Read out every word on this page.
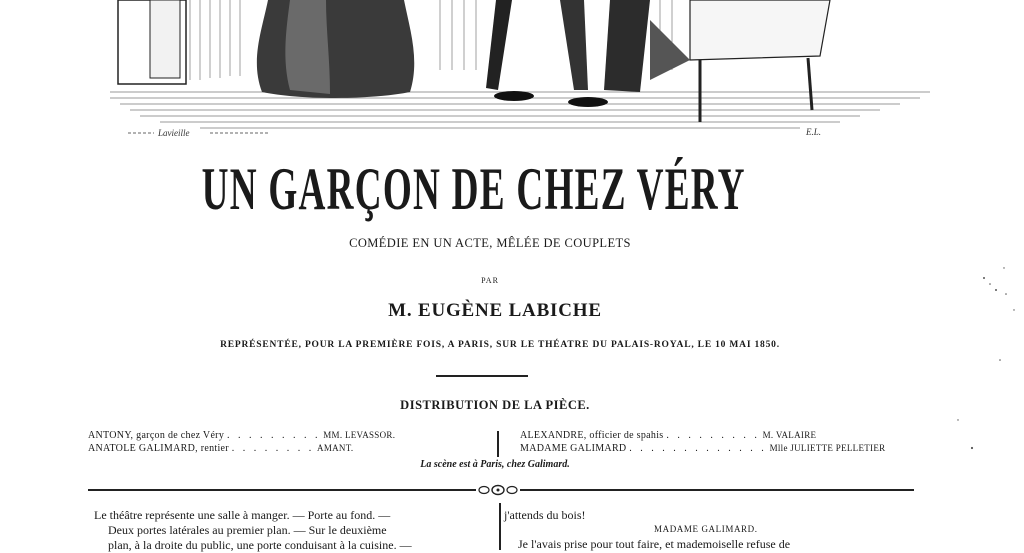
Lavieille	E.L.
UN GARÇON DE CHEZ VÉRY
COMÉDIE EN UN ACTE, MÊLÉE DE COUPLETS
PAR
M. EUGÈNE LABICHE
REPRÉSENTÉE, POUR LA PREMIÈRE FOIS, A PARIS, SUR LE THÉATRE DU PALAIS-ROYAL, LE 10 MAI 1850.
DISTRIBUTION DE LA PIÈCE.
ANTONY, garçon de chez Véry . . . . . . . . . MM. LEVASSOR.
ANATOLE GALIMARD, rentier . . . . . . . . AMANT.
ALEXANDRE, officier de spahis . . . . . . . . . M. VALAIRE
MADAME GALIMARD . . . . . . . . . . . . . Mlle JULIETTE PELLETIER
La scène est à Paris, chez Galimard.
Le théâtre représente une salle à manger. — Porte au fond. —
Deux portes latérales au premier plan. — Sur le deuxième
plan, à la droite du public, une porte conduisant à la cuisine. —
j'attends du bois!
MADAME GALIMARD.
Je l'avais prise pour tout faire, et mademoiselle refuse de
